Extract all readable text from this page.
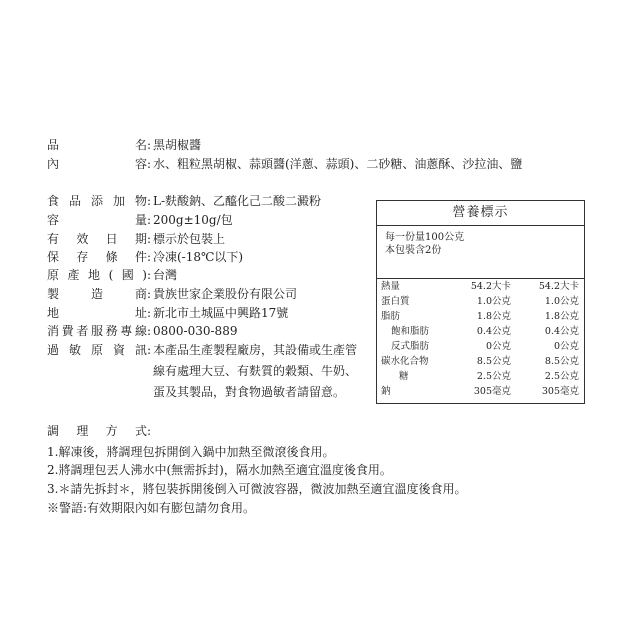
品名: 黑胡椒醬
內容: 水、粗粒黑胡椒、蒜頭醬(洋蔥、蒜頭)、二砂糖、油蔥酥、沙拉油、鹽
食品添加物: L-麩酸鈉、乙醯化己二酸二澱粉
容量: 200g±10g/包
有效日期: 標示於包裝上
保存條件: 冷凍(-18℃以下)
原產地(國): 台灣
製造商: 貴族世家企業股份有限公司
地址: 新北市土城區中興路17號
消費者服務專線: 0800-030-889
過敏原資訊: 本產品生產製程廠房，其設備或生產管線有處理大豆、有麩質的穀類、牛奶、蛋及其製品，對食物過敏者請留意。
營養標示
每一份量100公克
本包裝含2份
熱量	54.2大卡	54.2大卡
蛋白質	1.0公克	1.0公克
脂肪	1.8公克	1.8公克
飽和脂肪	0.4公克	0.4公克
反式脂肪	0公克	0公克
碳水化合物	8.5公克	8.5公克
糖	2.5公克	2.5公克
鈉	305毫克	305毫克
調理方式:
1.解凍後，將調理包拆開倒入鍋中加熱至微滾後食用。
2.將調理包丟人沸水中(無需拆封)，隔水加熱至適宜溫度後食用。
3.＊請先拆封＊，將包裝拆開後倒入可微波容器，微波加熱至適宜溫度後食用。
※警語:有效期限內如有膨包請勿食用。
